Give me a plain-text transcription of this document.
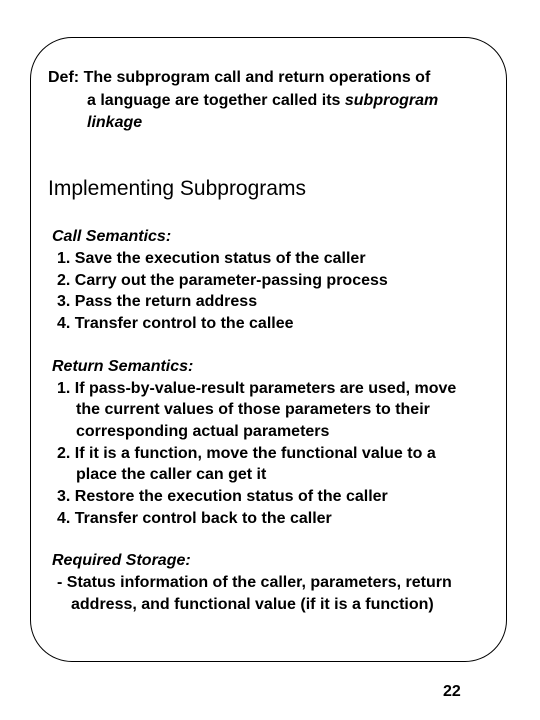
Def: The subprogram call and return operations of

a language are together called its subprogram

linkage

Implementing Subprograms

Call Semantics:

1. Save the execution status of the caller

2. Carry out the parameter-passing process

3. Pass the return address

4. Transfer control to the callee

Return Semantics:

1. If pass-by-value-result parameters are used, move

the current values of those parameters to their

corresponding actual parameters

2. If it is a function, move the functional value to a

place the caller can get it

3. Restore the execution status of the caller

4. Transfer control back to the caller

Required Storage:

- Status information of the caller, parameters, return

address, and functional value (if it is a function)

22
